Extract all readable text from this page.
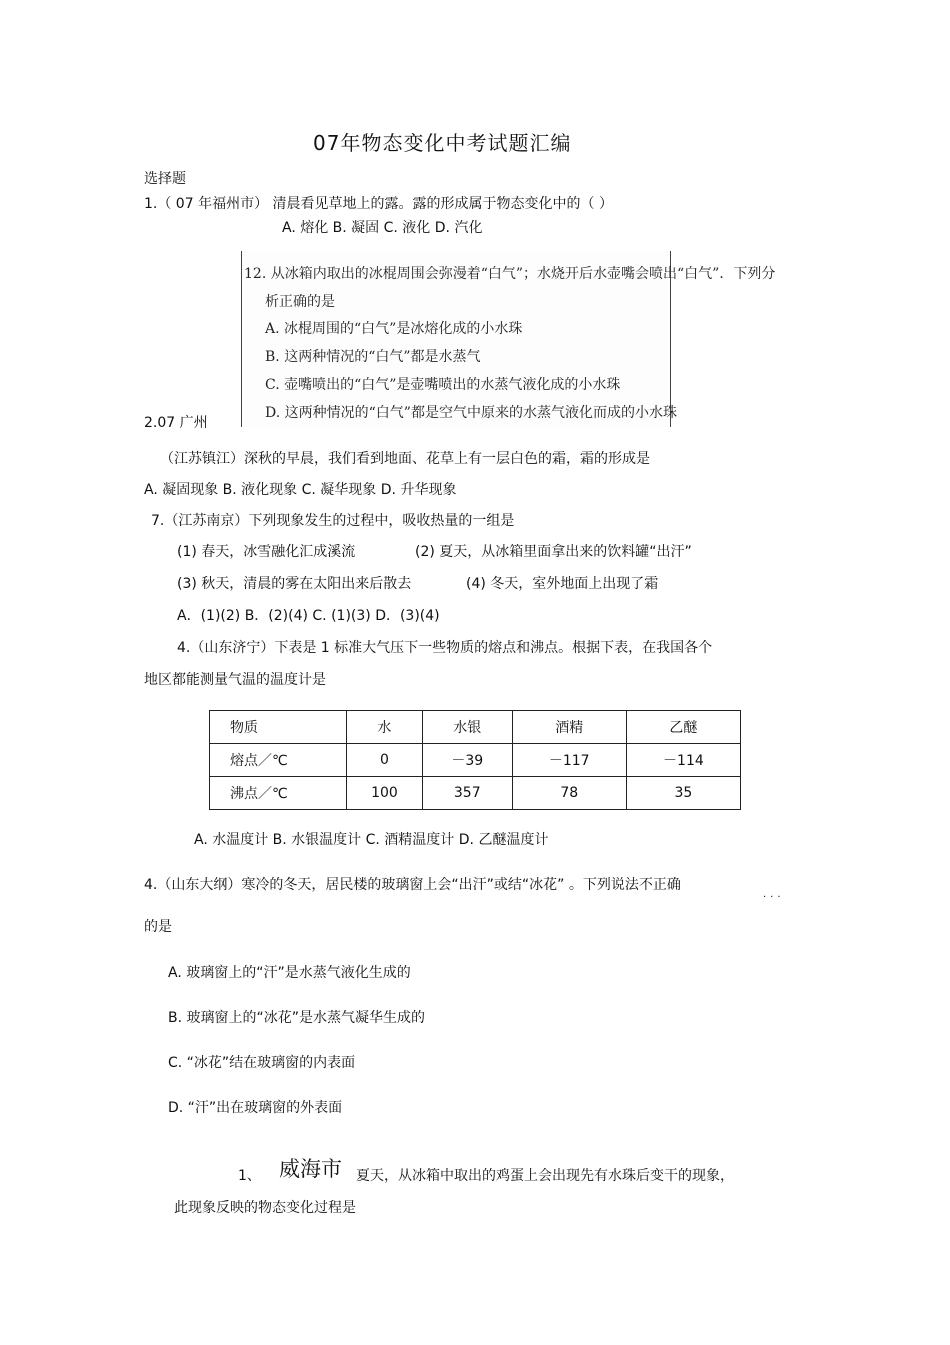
07年物态变化中考试题汇编
选择题
1.（ 07 年福州市） 清晨看见草地上的露。露的形成属于物态变化中的（ ）
A. 熔化 B. 凝固 C. 液化 D. 汽化
12. 从冰箱内取出的冰棍周围会弥漫着“白气”；水烧开后水壶嘴会喷出“白气”．下列分
析正确的是
A. 冰棍周围的“白气”是冰熔化成的小水珠
B. 这两种情况的“白气”都是水蒸气
C. 壶嘴喷出的“白气”是壶嘴喷出的水蒸气液化成的小水珠
D. 这两种情况的“白气”都是空气中原来的水蒸气液化而成的小水珠
2.07 广州
（江苏镇江）深秋的早晨，我们看到地面、花草上有一层白色的霜，霜的形成是
A. 凝固现象 B. 液化现象 C. 凝华现象 D. 升华现象
7.（江苏南京）下列现象发生的过程中，吸收热量的一组是
(1) 春天，冰雪融化汇成溪流	(2) 夏天，从冰箱里面拿出来的饮料罐“出汗”
(3) 秋天，清晨的雾在太阳出来后散去	(4) 冬天，室外地面上出现了霜
A．(1)(2) B．(2)(4) C. (1)(3) D．(3)(4)
4.（山东济宁）下表是 1 标准大气压下一些物质的熔点和沸点。根据下表，在我国各个
地区都能测量气温的温度计是
物质	水	水银	酒精	乙醚
熔点／℃	0	－39	－117	－114
沸点／℃	100	357	78	35
A. 水温度计 B. 水银温度计 C. 酒精温度计 D. 乙醚温度计
4.（山东大纲）寒冷的冬天，居民楼的玻璃窗上会“出汗”或结“冰花” 。下列说法不正确
...
的是
A. 玻璃窗上的“汗”是水蒸气液化生成的
B. 玻璃窗上的“冰花”是水蒸气凝华生成的
C. “冰花”结在玻璃窗的内表面
D. “汗”出在玻璃窗的外表面
1、 威海市 夏天，从冰箱中取出的鸡蛋上会出现先有水珠后变干的现象，
此现象反映的物态变化过程是
